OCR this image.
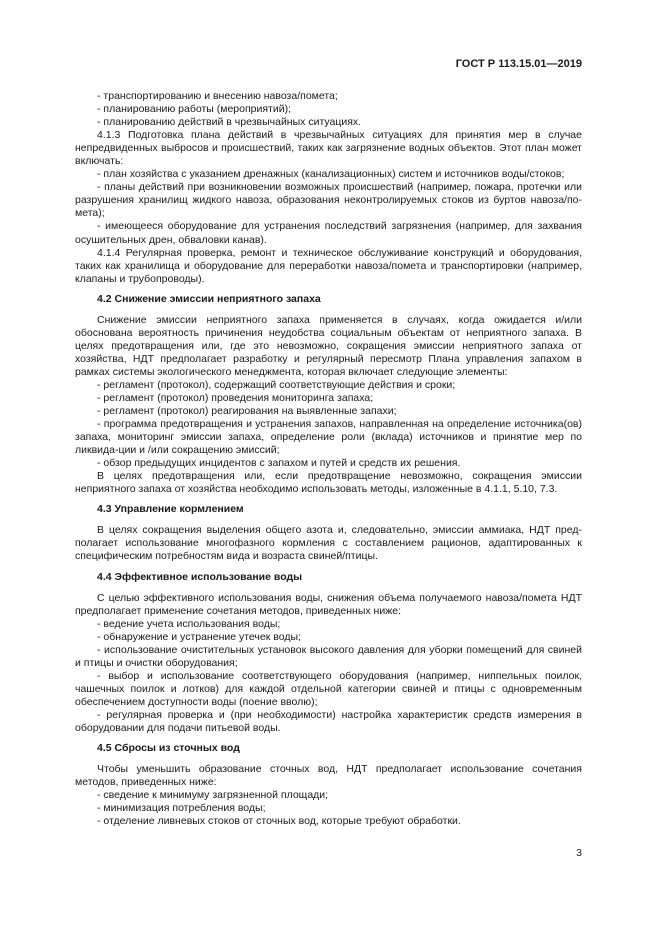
ГОСТ Р 113.15.01—2019

- транспортированию и внесению навоза/помета;

- планированию работы (мероприятий);

- планированию действий в чрезвычайных ситуациях.

4.1.3 Подготовка плана действий в чрезвычайных ситуациях для принятия мер в случае непредвиденных выбросов и происшествий, таких как загрязнение водных объектов. Этот план может включать:

- план хозяйства с указанием дренажных (канализационных) систем и источников воды/стоков;

- планы действий при возникновении возможных происшествий (например, пожара, протечки или разрушения хранилищ жидкого навоза, образования неконтролируемых стоков из буртов навоза/по-мета);

- имеющееся оборудование для устранения последствий загрязнения (например, для захвания осушительных дрен, обваловки канав).

4.1.4 Регулярная проверка, ремонт и техническое обслуживание конструкций и оборудования, таких как хранилища и оборудование для переработки навоза/помета и транспортировки (например, клапаны и трубопроводы).

4.2 Снижение эмиссии неприятного запаха

Снижение эмиссии неприятного запаха применяется в случаях, когда ожидается и/или обоснована вероятность причинения неудобства социальным объектам от неприятного запаха. В целях предотвращения или, где это невозможно, сокращения эмиссии неприятного запаха от хозяйства, НДТ предполагает разработку и регулярный пересмотр Плана управления запахом в рамках системы экологического менеджмента, которая включает следующие элементы:

- регламент (протокол), содержащий соответствующие действия и сроки;

- регламент (протокол) проведения мониторинга запаха;

- регламент (протокол) реагирования на выявленные запахи;

- программа предотвращения и устранения запахов, направленная на определение источника(ов) запаха, мониторинг эмиссии запаха, определение роли (вклада) источников и принятие мер по ликвида-ции и /или сокращению эмиссий;

- обзор предыдущих инцидентов с запахом и путей и средств их решения.

В целях предотвращения или, если предотвращение невозможно, сокращения эмиссии неприятного запаха от хозяйства необходимо использовать методы, изложенные в 4.1.1, 5.10, 7.3.

4.3 Управление кормлением

В целях сокращения выделения общего азота и, следовательно, эмиссии аммиака, НДТ пред-полагает использование многофазного кормления с составлением рационов, адаптированных к специфическим потребностям вида и возраста свиней/птицы.

4.4 Эффективное использование воды

С целью эффективного использования воды, снижения объема получаемого навоза/помета НДТ предполагает применение сочетания методов, приведенных ниже:

- ведение учета использования воды;

- обнаружение и устранение утечек воды;

- использование очистительных установок высокого давления для уборки помещений для свиней и птицы и очистки оборудования;

- выбор и использование соответствующего оборудования (например, ниппельных поилок, чашечных поилок и лотков) для каждой отдельной категории свиней и птицы с одновременным обеспечением доступности воды (поение вволю);

- регулярная проверка и (при необходимости) настройка характеристик средств измерения в оборудовании для подачи питьевой воды.

4.5 Сбросы из сточных вод

Чтобы уменьшить образование сточных вод, НДТ предполагает использование сочетания методов, приведенных ниже:

- сведение к минимуму загрязненной площади;

- минимизация потребления воды;

- отделение ливневых стоков от сточных вод, которые требуют обработки.

3
